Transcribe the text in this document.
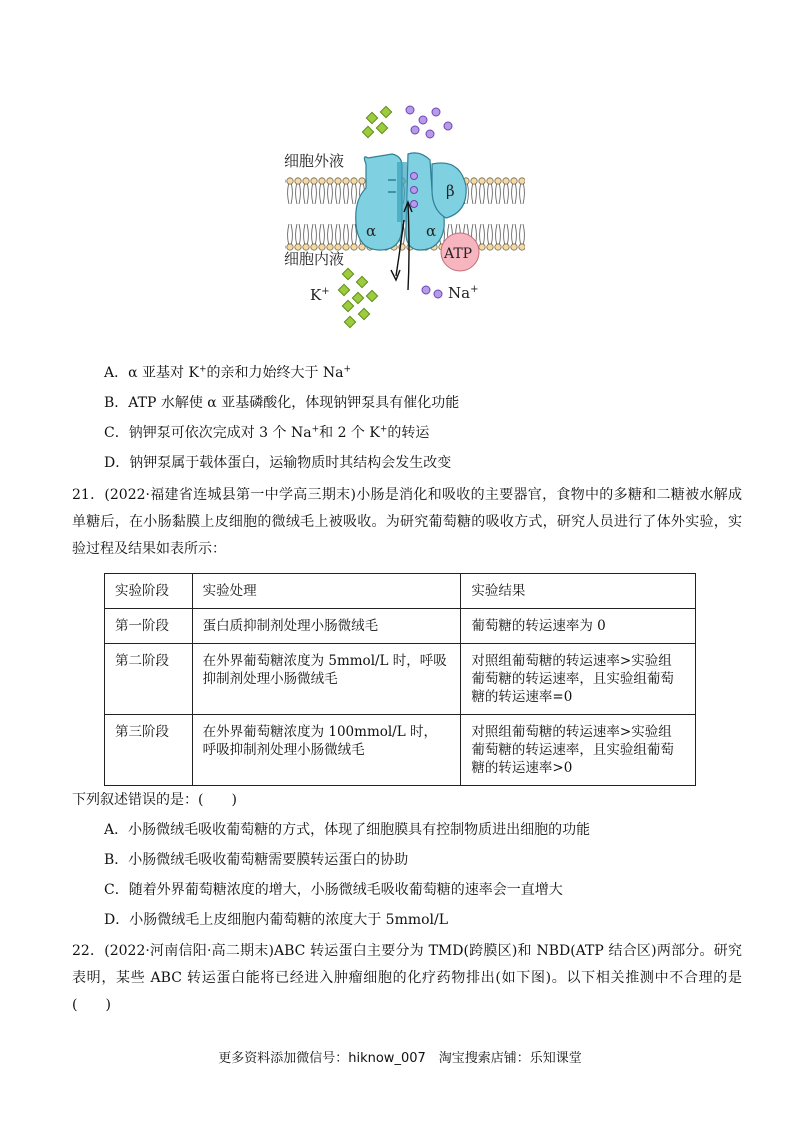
细胞外液
细胞内液
α	α
β
ATP
K+	Na+
A．α 亚基对 K+的亲和力始终大于 Na+
B．ATP 水解使 α 亚基磷酸化，体现钠钾泵具有催化功能
C．钠钾泵可依次完成对 3 个 Na+和 2 个 K+的转运
D．钠钾泵属于载体蛋白，运输物质时其结构会发生改变
21．(2022·福建省连城县第一中学高三期末)小肠是消化和吸收的主要器官，食物中的多糖和二糖被水解成单糖后，在小肠黏膜上皮细胞的微绒毛上被吸收。为研究葡萄糖的吸收方式，研究人员进行了体外实验，实验过程及结果如表所示：
实验阶段	实验处理	实验结果
第一阶段	蛋白质抑制剂处理小肠微绒毛	葡萄糖的转运速率为 0
第二阶段	在外界葡萄糖浓度为 5mmol/L 时，呼吸抑制剂处理小肠微绒毛	对照组葡萄糖的转运速率>实验组葡萄糖的转运速率，且实验组葡萄糖的转运速率=0
第三阶段	在外界葡萄糖浓度为 100mmol/L 时，呼吸抑制剂处理小肠微绒毛	对照组葡萄糖的转运速率>实验组葡萄糖的转运速率，且实验组葡萄糖的转运速率>0
下列叙述错误的是：(　　)
A．小肠微绒毛吸收葡萄糖的方式，体现了细胞膜具有控制物质进出细胞的功能
B．小肠微绒毛吸收葡萄糖需要膜转运蛋白的协助
C．随着外界葡萄糖浓度的增大，小肠微绒毛吸收葡萄糖的速率会一直增大
D．小肠微绒毛上皮细胞内葡萄糖的浓度大于 5mmol/L
22．(2022·河南信阳·高二期末)ABC 转运蛋白主要分为 TMD(跨膜区)和 NBD(ATP 结合区)两部分。研究表明，某些 ABC 转运蛋白能将已经进入肿瘤细胞的化疗药物排出(如下图)。以下相关推测中不合理的是(　　)
更多资料添加微信号：hiknow_007　淘宝搜索店铺：乐知课堂
